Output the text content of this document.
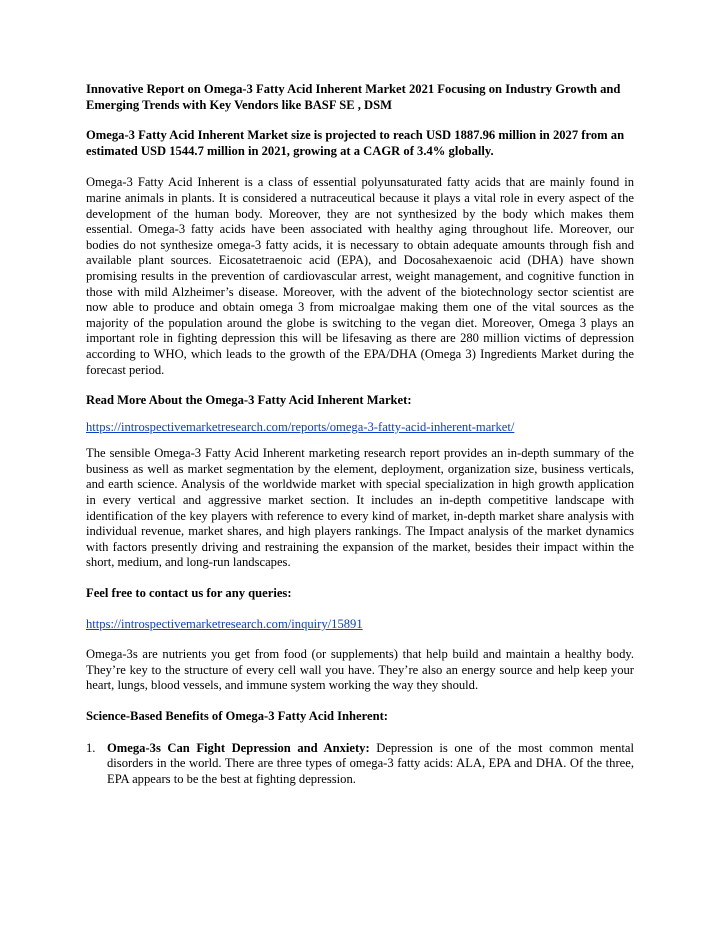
Innovative Report on Omega-3 Fatty Acid Inherent Market 2021 Focusing on Industry Growth and Emerging Trends with Key Vendors like BASF SE , DSM

Omega-3 Fatty Acid Inherent Market size is projected to reach USD 1887.96 million in 2027 from an estimated USD 1544.7 million in 2021, growing at a CAGR of 3.4% globally.

Omega-3 Fatty Acid Inherent is a class of essential polyunsaturated fatty acids that are mainly found in marine animals in plants. It is considered a nutraceutical because it plays a vital role in every aspect of the development of the human body. Moreover, they are not synthesized by the body which makes them essential. Omega-3 fatty acids have been associated with healthy aging throughout life. Moreover, our bodies do not synthesize omega-3 fatty acids, it is necessary to obtain adequate amounts through fish and available plant sources. Eicosatetraenoic acid (EPA), and Docosahexaenoic acid (DHA) have shown promising results in the prevention of cardiovascular arrest, weight management, and cognitive function in those with mild Alzheimer’s disease. Moreover, with the advent of the biotechnology sector scientist are now able to produce and obtain omega 3 from microalgae making them one of the vital sources as the majority of the population around the globe is switching to the vegan diet. Moreover, Omega 3 plays an important role in fighting depression this will be lifesaving as there are 280 million victims of depression according to WHO, which leads to the growth of the EPA/DHA (Omega 3) Ingredients Market during the forecast period.

Read More About the Omega-3 Fatty Acid Inherent Market:

https://introspectivemarketresearch.com/reports/omega-3-fatty-acid-inherent-market/

The sensible Omega-3 Fatty Acid Inherent marketing research report provides an in-depth summary of the business as well as market segmentation by the element, deployment, organization size, business verticals, and earth science. Analysis of the worldwide market with special specialization in high growth application in every vertical and aggressive market section. It includes an in-depth competitive landscape with identification of the key players with reference to every kind of market, in-depth market share analysis with individual revenue, market shares, and high players rankings. The Impact analysis of the market dynamics with factors presently driving and restraining the expansion of the market, besides their impact within the short, medium, and long-run landscapes.

Feel free to contact us for any queries:

https://introspectivemarketresearch.com/inquiry/15891

Omega-3s are nutrients you get from food (or supplements) that help build and maintain a healthy body. They’re key to the structure of every cell wall you have. They’re also an energy source and help keep your heart, lungs, blood vessels, and immune system working the way they should.

Science-Based Benefits of Omega-3 Fatty Acid Inherent:

1. Omega-3s Can Fight Depression and Anxiety: Depression is one of the most common mental disorders in the world. There are three types of omega-3 fatty acids: ALA, EPA and DHA. Of the three, EPA appears to be the best at fighting depression.
